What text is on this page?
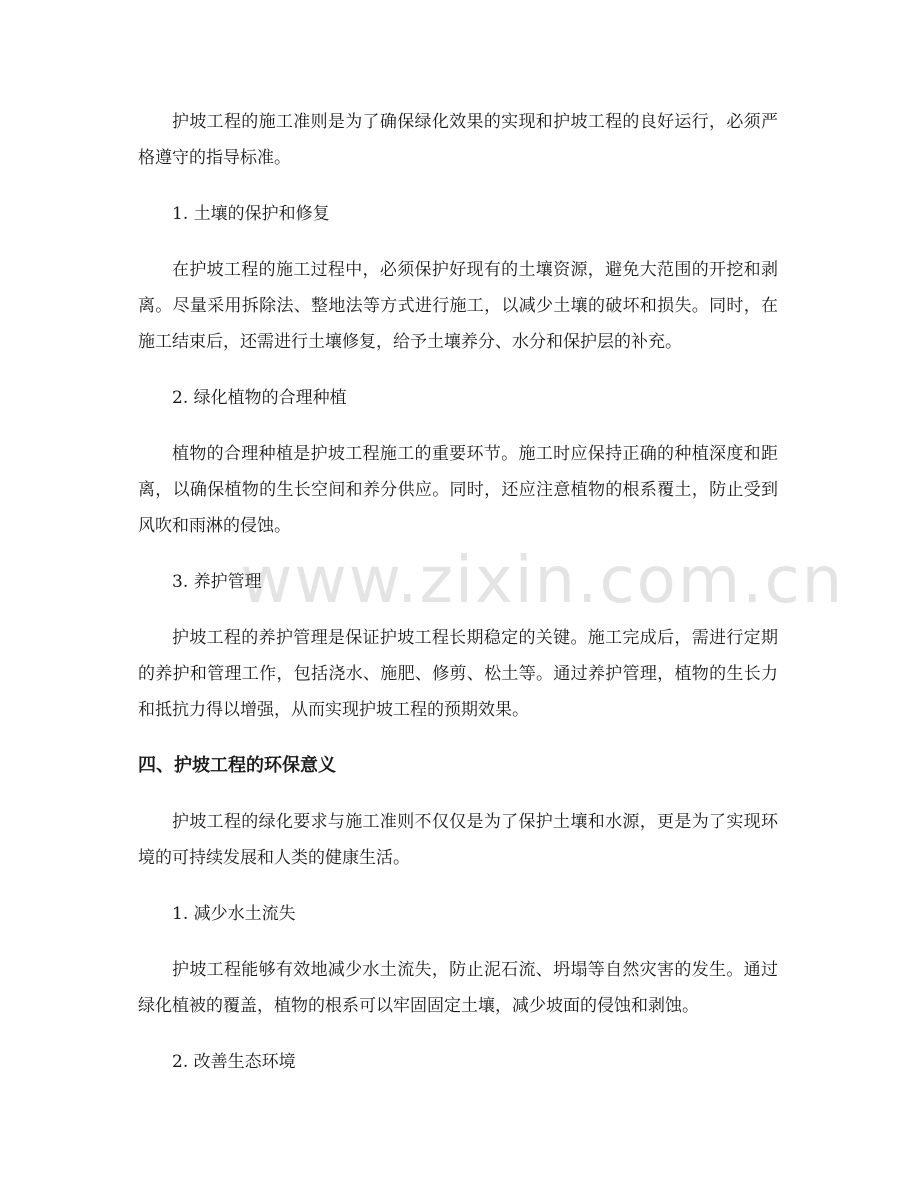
www.zixin.com.cn

护坡工程的施工准则是为了确保绿化效果的实现和护坡工程的良好运行，必须严格遵守的指导标准。

1. 土壤的保护和修复

在护坡工程的施工过程中，必须保护好现有的土壤资源，避免大范围的开挖和剥离。尽量采用拆除法、整地法等方式进行施工，以减少土壤的破坏和损失。同时，在施工结束后，还需进行土壤修复，给予土壤养分、水分和保护层的补充。

2. 绿化植物的合理种植

植物的合理种植是护坡工程施工的重要环节。施工时应保持正确的种植深度和距离，以确保植物的生长空间和养分供应。同时，还应注意植物的根系覆土，防止受到风吹和雨淋的侵蚀。

3. 养护管理

护坡工程的养护管理是保证护坡工程长期稳定的关键。施工完成后，需进行定期的养护和管理工作，包括浇水、施肥、修剪、松土等。通过养护管理，植物的生长力和抵抗力得以增强，从而实现护坡工程的预期效果。

四、护坡工程的环保意义

护坡工程的绿化要求与施工准则不仅仅是为了保护土壤和水源，更是为了实现环境的可持续发展和人类的健康生活。

1. 减少水土流失

护坡工程能够有效地减少水土流失，防止泥石流、坍塌等自然灾害的发生。通过绿化植被的覆盖，植物的根系可以牢固固定土壤，减少坡面的侵蚀和剥蚀。

2. 改善生态环境
